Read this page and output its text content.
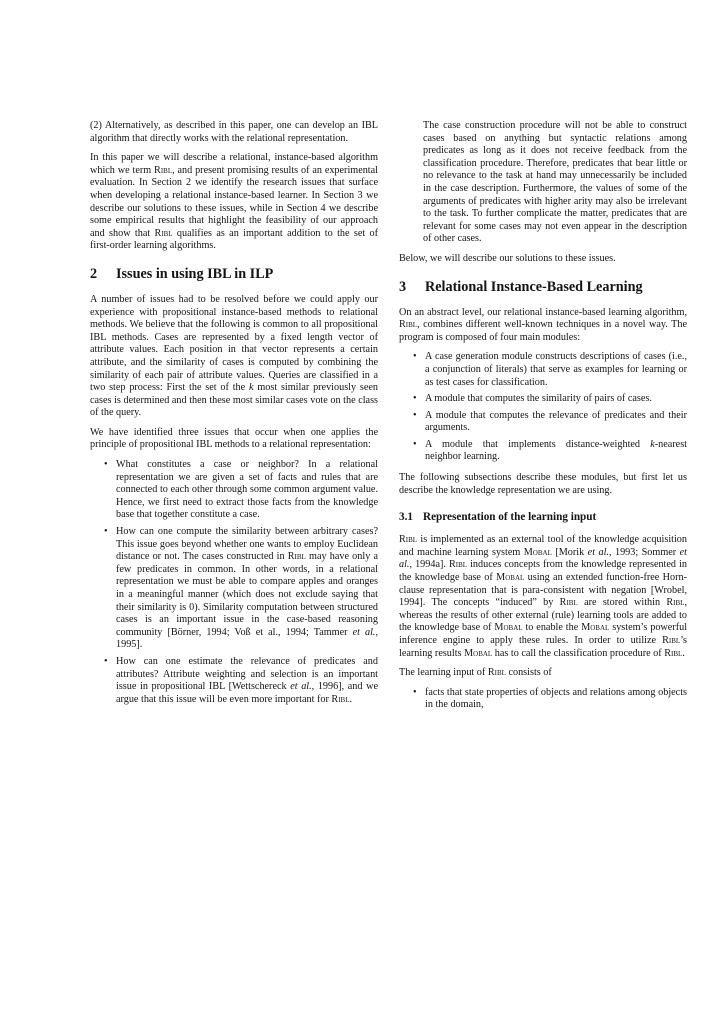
(2) Alternatively, as described in this paper, one can develop an IBL algorithm that directly works with the relational representation.

In this paper we will describe a relational, instance-based algorithm which we term Ribl, and present promising results of an experimental evaluation. In Section 2 we identify the research issues that surface when developing a relational instance-based learner. In Section 3 we describe our solutions to these issues, while in Section 4 we describe some empirical results that highlight the feasibility of our approach and show that Ribl qualifies as an important addition to the set of first-order learning algorithms.

2 Issues in using IBL in ILP

A number of issues had to be resolved before we could apply our experience with propositional instance-based methods to relational methods. We believe that the following is common to all propositional IBL methods. Cases are represented by a fixed length vector of attribute values. Each position in that vector represents a certain attribute, and the similarity of cases is computed by combining the similarity of each pair of attribute values. Queries are classified in a two step process: First the set of the k most similar previously seen cases is determined and then these most similar cases vote on the class of the query.

We have identified three issues that occur when one applies the principle of propositional IBL methods to a relational representation:

• What constitutes a case or neighbor? In a relational representation we are given a set of facts and rules that are connected to each other through some common argument value. Hence, we first need to extract those facts from the knowledge base that together constitute a case.
• How can one compute the similarity between arbitrary cases? This issue goes beyond whether one wants to employ Euclidean distance or not. The cases constructed in Ribl may have only a few predicates in common. In other words, in a relational representation we must be able to compare apples and oranges in a meaningful manner (which does not exclude saying that their similarity is 0). Similarity computation between structured cases is an important issue in the case-based reasoning community [Börner, 1994; Voß et al., 1994; Tammer et al., 1995].
• How can one estimate the relevance of predicates and attributes? Attribute weighting and selection is an important issue in propositional IBL [Wettschereck et al., 1996], and we argue that this issue will be even more important for Ribl.

The case construction procedure will not be able to construct cases based on anything but syntactic relations among predicates as long as it does not receive feedback from the classification procedure. Therefore, predicates that bear little or no relevance to the task at hand may unnecessarily be included in the case description. Furthermore, the values of some of the arguments of predicates with higher arity may also be irrelevant to the task. To further complicate the matter, predicates that are relevant for some cases may not even appear in the description of other cases.

Below, we will describe our solutions to these issues.

3 Relational Instance-Based Learning

On an abstract level, our relational instance-based learning algorithm, Ribl, combines different well-known techniques in a novel way. The program is composed of four main modules:

• A case generation module constructs descriptions of cases (i.e., a conjunction of literals) that serve as examples for learning or as test cases for classification.
• A module that computes the similarity of pairs of cases.
• A module that computes the relevance of predicates and their arguments.
• A module that implements distance-weighted k-nearest neighbor learning.

The following subsections describe these modules, but first let us describe the knowledge representation we are using.

3.1 Representation of the learning input

Ribl is implemented as an external tool of the knowledge acquisition and machine learning system Mobal [Morik et al., 1993; Sommer et al., 1994a]. Ribl induces concepts from the knowledge represented in the knowledge base of Mobal using an extended function-free Horn-clause representation that is para-consistent with negation [Wrobel, 1994]. The concepts “induced” by Ribl are stored within Ribl, whereas the results of other external (rule) learning tools are added to the knowledge base of Mobal to enable the Mobal system’s powerful inference engine to apply these rules. In order to utilize Ribl’s learning results Mobal has to call the classification procedure of Ribl.

The learning input of Ribl consists of

• facts that state properties of objects and relations among objects in the domain,
